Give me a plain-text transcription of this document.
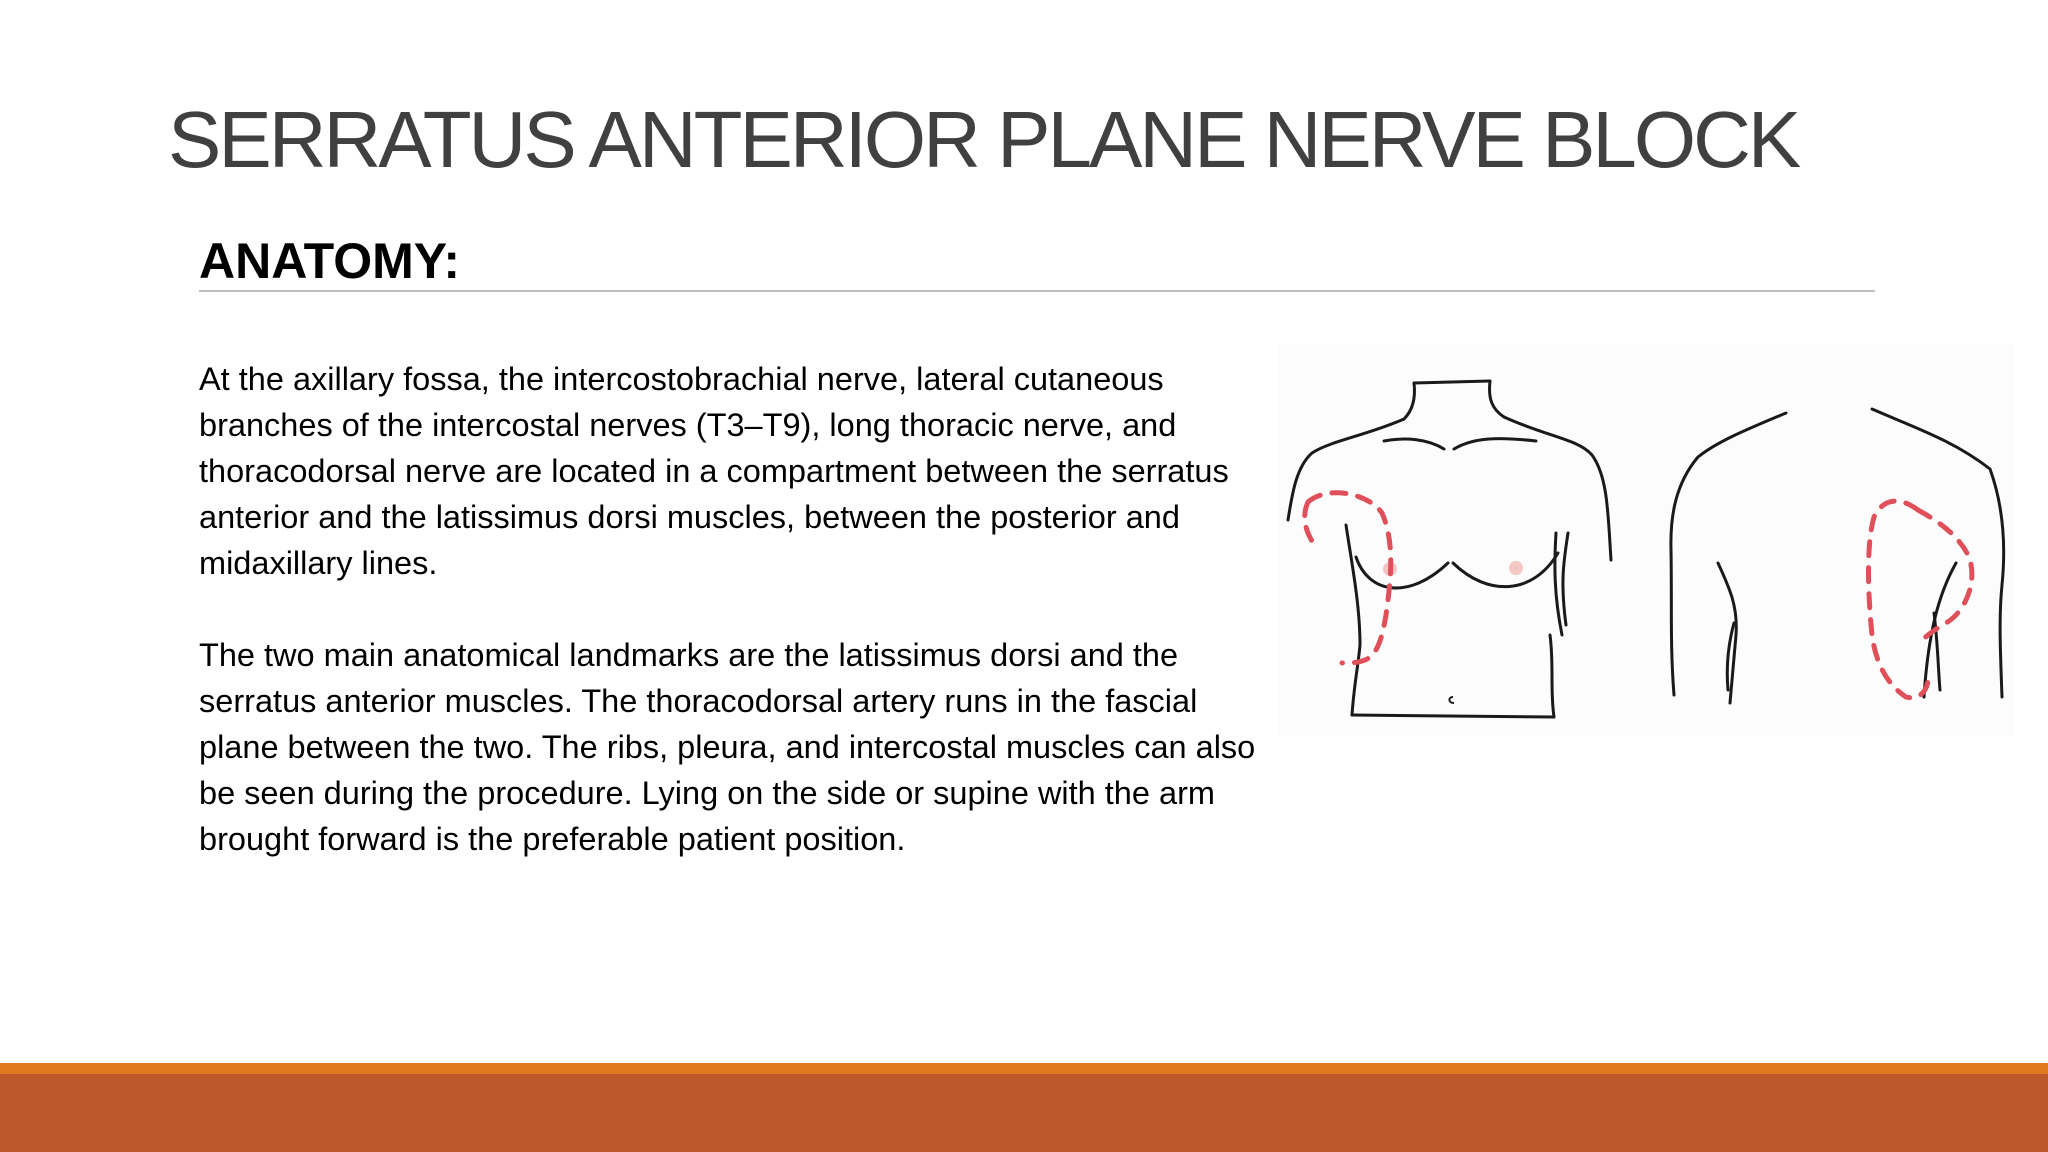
SERRATUS ANTERIOR PLANE NERVE BLOCK
ANATOMY:

At the axillary fossa, the intercostobrachial nerve, lateral cutaneous branches of the intercostal nerves (T3–T9), long thoracic nerve, and thoracodorsal nerve are located in a compartment between the serratus anterior and the latissimus dorsi muscles, between the posterior and midaxillary lines.

The two main anatomical landmarks are the latissimus dorsi and the serratus anterior muscles. The thoracodorsal artery runs in the fascial plane between the two. The ribs, pleura, and intercostal muscles can also be seen during the procedure. Lying on the side or supine with the arm brought forward is the preferable patient position.
